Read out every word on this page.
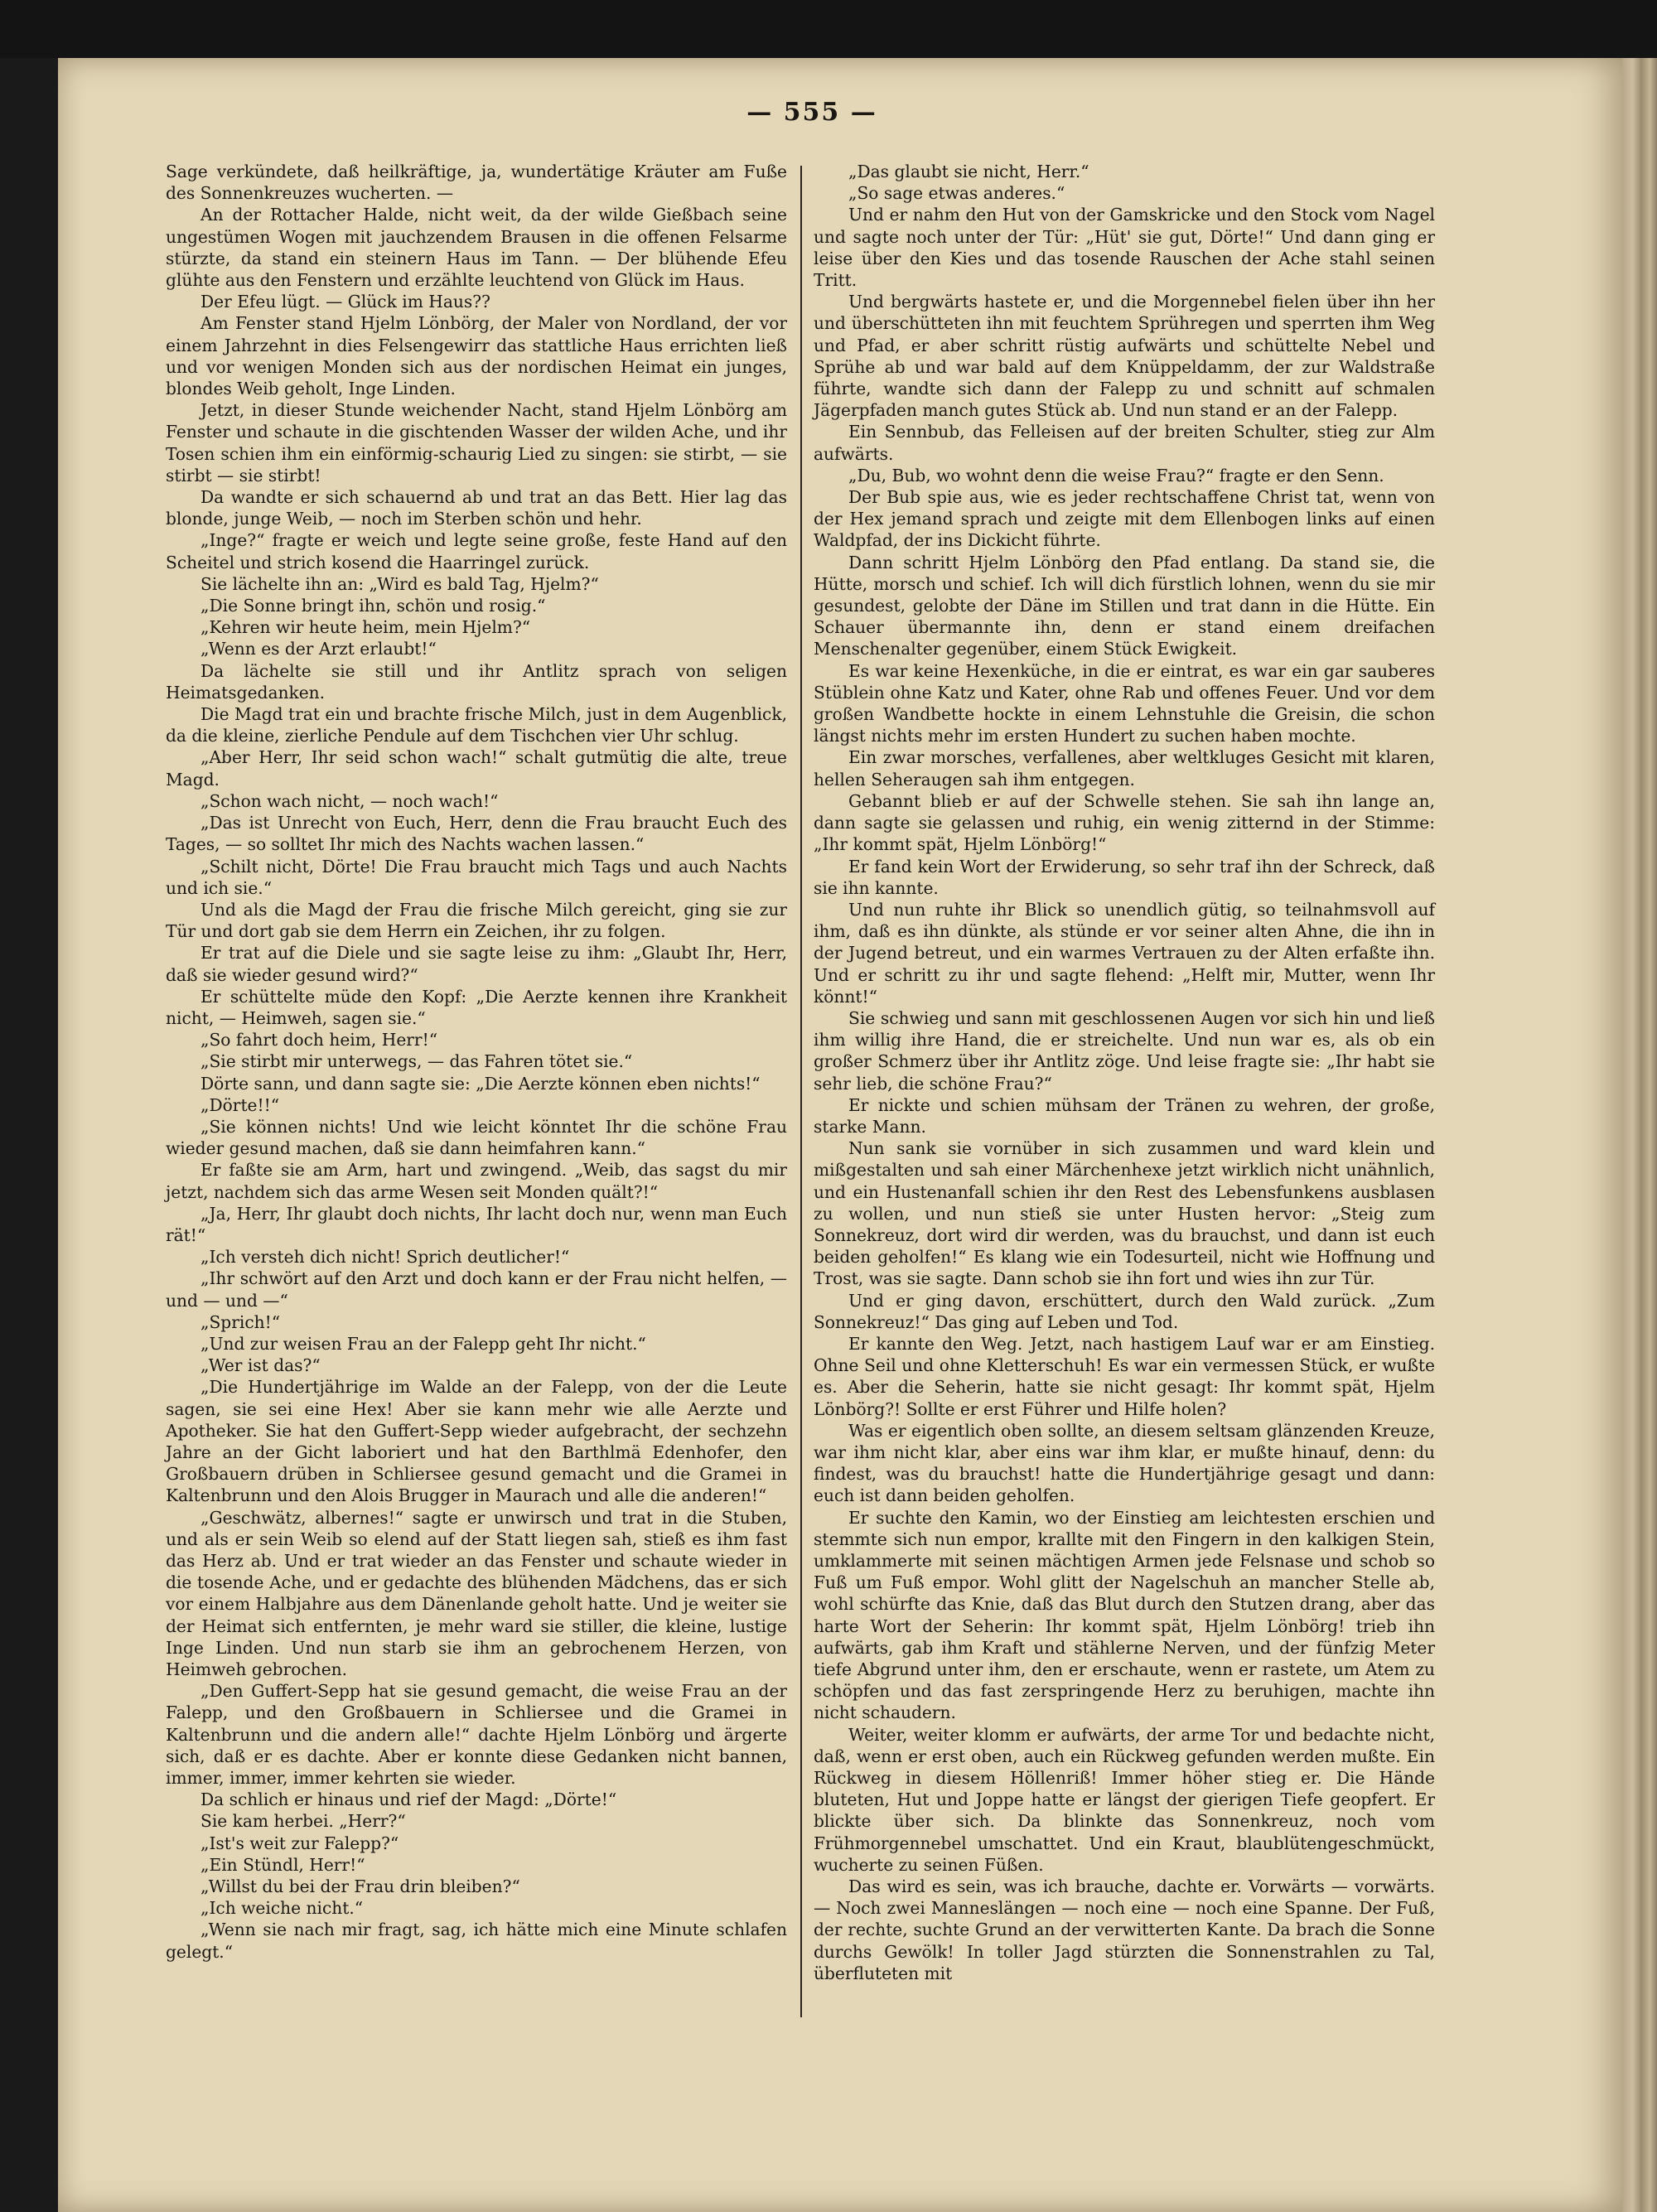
— 555 —

Sage verkündete, daß heilkräftige, ja, wundertätige Kräuter am Fuße des Sonnenkreuzes wucherten. —

An der Rottacher Halde, nicht weit, da der wilde Gießbach seine ungestümen Wogen mit jauchzendem Brausen in die offenen Felsarme stürzte, da stand ein steinern Haus im Tann. — Der blühende Efeu glühte aus den Fenstern und erzählte leuchtend von Glück im Haus.

Der Efeu lügt. — Glück im Haus??

Am Fenster stand Hjelm Lönbörg, der Maler von Nordland, der vor einem Jahrzehnt in dies Felsengewirr das stattliche Haus errichten ließ und vor wenigen Monden sich aus der nordischen Heimat ein junges, blondes Weib geholt, Inge Linden.

Jetzt, in dieser Stunde weichender Nacht, stand Hjelm Lönbörg am Fenster und schaute in die gischtenden Wasser der wilden Ache, und ihr Tosen schien ihm ein einförmig-schaurig Lied zu singen: sie stirbt, — sie stirbt — sie stirbt!

Da wandte er sich schauernd ab und trat an das Bett. Hier lag das blonde, junge Weib, — noch im Sterben schön und hehr.

„Inge?“ fragte er weich und legte seine große, feste Hand auf den Scheitel und strich kosend die Haarringel zurück.

Sie lächelte ihn an: „Wird es bald Tag, Hjelm?“

„Die Sonne bringt ihn, schön und rosig.“

„Kehren wir heute heim, mein Hjelm?“

„Wenn es der Arzt erlaubt!“

Da lächelte sie still und ihr Antlitz sprach von seligen Heimatsgedanken.

Die Magd trat ein und brachte frische Milch, just in dem Augenblick, da die kleine, zierliche Pendule auf dem Tischchen vier Uhr schlug.

„Aber Herr, Ihr seid schon wach!“ schalt gutmütig die alte, treue Magd.

„Schon wach nicht, — noch wach!“

„Das ist Unrecht von Euch, Herr, denn die Frau braucht Euch des Tages, — so solltet Ihr mich des Nachts wachen lassen.“

„Schilt nicht, Dörte! Die Frau braucht mich Tags und auch Nachts und ich sie.“

Und als die Magd der Frau die frische Milch gereicht, ging sie zur Tür und dort gab sie dem Herrn ein Zeichen, ihr zu folgen.

Er trat auf die Diele und sie sagte leise zu ihm: „Glaubt Ihr, Herr, daß sie wieder gesund wird?“

Er schüttelte müde den Kopf: „Die Aerzte kennen ihre Krankheit nicht, — Heimweh, sagen sie.“

„So fahrt doch heim, Herr!“

„Sie stirbt mir unterwegs, — das Fahren tötet sie.“

Dörte sann, und dann sagte sie: „Die Aerzte können eben nichts!“

„Dörte!!“

„Sie können nichts! Und wie leicht könntet Ihr die schöne Frau wieder gesund machen, daß sie dann heimfahren kann.“

Er faßte sie am Arm, hart und zwingend. „Weib, das sagst du mir jetzt, nachdem sich das arme Wesen seit Monden quält?!“

„Ja, Herr, Ihr glaubt doch nichts, Ihr lacht doch nur, wenn man Euch rät!“

„Ich versteh dich nicht! Sprich deutlicher!“

„Ihr schwört auf den Arzt und doch kann er der Frau nicht helfen, — und — und —“

„Sprich!“

„Und zur weisen Frau an der Falepp geht Ihr nicht.“

„Wer ist das?“

„Die Hundertjährige im Walde an der Falepp, von der die Leute sagen, sie sei eine Hex! Aber sie kann mehr wie alle Aerzte und Apotheker. Sie hat den Guffert-Sepp wieder aufgebracht, der sechzehn Jahre an der Gicht laboriert und hat den Barthlmä Edenhofer, den Großbauern drüben in Schliersee gesund gemacht und die Gramei in Kaltenbrunn und den Alois Brugger in Maurach und alle die anderen!“

„Geschwätz, albernes!“ sagte er unwirsch und trat in die Stuben, und als er sein Weib so elend auf der Statt liegen sah, stieß es ihm fast das Herz ab. Und er trat wieder an das Fenster und schaute wieder in die tosende Ache, und er gedachte des blühenden Mädchens, das er sich vor einem Halbjahre aus dem Dänenlande geholt hatte. Und je weiter sie der Heimat sich entfernten, je mehr ward sie stiller, die kleine, lustige Inge Linden. Und nun starb sie ihm an gebrochenem Herzen, von Heimweh gebrochen.

„Den Guffert-Sepp hat sie gesund gemacht, die weise Frau an der Falepp, und den Großbauern in Schliersee und die Gramei in Kaltenbrunn und die andern alle!“ dachte Hjelm Lönbörg und ärgerte sich, daß er es dachte. Aber er konnte diese Gedanken nicht bannen, immer, immer, immer kehrten sie wieder.

Da schlich er hinaus und rief der Magd: „Dörte!“

Sie kam herbei. „Herr?“

„Ist's weit zur Falepp?“

„Ein Stündl, Herr!“

„Willst du bei der Frau drin bleiben?“

„Ich weiche nicht.“

„Wenn sie nach mir fragt, sag, ich hätte mich eine Minute schlafen gelegt.“

„Das glaubt sie nicht, Herr.“

„So sage etwas anderes.“

Und er nahm den Hut von der Gamskricke und den Stock vom Nagel und sagte noch unter der Tür: „Hüt' sie gut, Dörte!“ Und dann ging er leise über den Kies und das tosende Rauschen der Ache stahl seinen Tritt.

Und bergwärts hastete er, und die Morgennebel fielen über ihn her und überschütteten ihn mit feuchtem Sprühregen und sperrten ihm Weg und Pfad, er aber schritt rüstig aufwärts und schüttelte Nebel und Sprühe ab und war bald auf dem Knüppeldamm, der zur Waldstraße führte, wandte sich dann der Falepp zu und schnitt auf schmalen Jägerpfaden manch gutes Stück ab. Und nun stand er an der Falepp.

Ein Sennbub, das Felleisen auf der breiten Schulter, stieg zur Alm aufwärts.

„Du, Bub, wo wohnt denn die weise Frau?“ fragte er den Senn.

Der Bub spie aus, wie es jeder rechtschaffene Christ tat, wenn von der Hex jemand sprach und zeigte mit dem Ellenbogen links auf einen Waldpfad, der ins Dickicht führte.

Dann schritt Hjelm Lönbörg den Pfad entlang. Da stand sie, die Hütte, morsch und schief. Ich will dich fürstlich lohnen, wenn du sie mir gesundest, gelobte der Däne im Stillen und trat dann in die Hütte. Ein Schauer übermannte ihn, denn er stand einem dreifachen Menschenalter gegenüber, einem Stück Ewigkeit.

Es war keine Hexenküche, in die er eintrat, es war ein gar sauberes Stüblein ohne Katz und Kater, ohne Rab und offenes Feuer. Und vor dem großen Wandbette hockte in einem Lehnstuhle die Greisin, die schon längst nichts mehr im ersten Hundert zu suchen haben mochte.

Ein zwar morsches, verfallenes, aber weltkluges Gesicht mit klaren, hellen Seheraugen sah ihm entgegen.

Gebannt blieb er auf der Schwelle stehen. Sie sah ihn lange an, dann sagte sie gelassen und ruhig, ein wenig zitternd in der Stimme: „Ihr kommt spät, Hjelm Lönbörg!“

Er fand kein Wort der Erwiderung, so sehr traf ihn der Schreck, daß sie ihn kannte.

Und nun ruhte ihr Blick so unendlich gütig, so teilnahmsvoll auf ihm, daß es ihn dünkte, als stünde er vor seiner alten Ahne, die ihn in der Jugend betreut, und ein warmes Vertrauen zu der Alten erfaßte ihn. Und er schritt zu ihr und sagte flehend: „Helft mir, Mutter, wenn Ihr könnt!“

Sie schwieg und sann mit geschlossenen Augen vor sich hin und ließ ihm willig ihre Hand, die er streichelte. Und nun war es, als ob ein großer Schmerz über ihr Antlitz zöge. Und leise fragte sie: „Ihr habt sie sehr lieb, die schöne Frau?“

Er nickte und schien mühsam der Tränen zu wehren, der große, starke Mann.

Nun sank sie vornüber in sich zusammen und ward klein und mißgestalten und sah einer Märchenhexe jetzt wirklich nicht unähnlich, und ein Hustenanfall schien ihr den Rest des Lebensfunkens ausblasen zu wollen, und nun stieß sie unter Husten hervor: „Steig zum Sonnekreuz, dort wird dir werden, was du brauchst, und dann ist euch beiden geholfen!“ Es klang wie ein Todesurteil, nicht wie Hoffnung und Trost, was sie sagte. Dann schob sie ihn fort und wies ihn zur Tür.

Und er ging davon, erschüttert, durch den Wald zurück. „Zum Sonnekreuz!“ Das ging auf Leben und Tod.

Er kannte den Weg. Jetzt, nach hastigem Lauf war er am Einstieg. Ohne Seil und ohne Kletterschuh! Es war ein vermessen Stück, er wußte es. Aber die Seherin, hatte sie nicht gesagt: Ihr kommt spät, Hjelm Lönbörg?! Sollte er erst Führer und Hilfe holen?

Was er eigentlich oben sollte, an diesem seltsam glänzenden Kreuze, war ihm nicht klar, aber eins war ihm klar, er mußte hinauf, denn: du findest, was du brauchst! hatte die Hundertjährige gesagt und dann: euch ist dann beiden geholfen.

Er suchte den Kamin, wo der Einstieg am leichtesten erschien und stemmte sich nun empor, krallte mit den Fingern in den kalkigen Stein, umklammerte mit seinen mächtigen Armen jede Felsnase und schob so Fuß um Fuß empor. Wohl glitt der Nagelschuh an mancher Stelle ab, wohl schürfte das Knie, daß das Blut durch den Stutzen drang, aber das harte Wort der Seherin: Ihr kommt spät, Hjelm Lönbörg! trieb ihn aufwärts, gab ihm Kraft und stählerne Nerven, und der fünfzig Meter tiefe Abgrund unter ihm, den er erschaute, wenn er rastete, um Atem zu schöpfen und das fast zerspringende Herz zu beruhigen, machte ihn nicht schaudern.

Weiter, weiter klomm er aufwärts, der arme Tor und bedachte nicht, daß, wenn er erst oben, auch ein Rückweg gefunden werden mußte. Ein Rückweg in diesem Höllenriß! Immer höher stieg er. Die Hände bluteten, Hut und Joppe hatte er längst der gierigen Tiefe geopfert. Er blickte über sich. Da blinkte das Sonnenkreuz, noch vom Frühmorgennebel umschattet. Und ein Kraut, blaublütengeschmückt, wucherte zu seinen Füßen.

Das wird es sein, was ich brauche, dachte er. Vorwärts — vorwärts. — Noch zwei Manneslängen — noch eine — noch eine Spanne. Der Fuß, der rechte, suchte Grund an der verwitterten Kante. Da brach die Sonne durchs Gewölk! In toller Jagd stürzten die Sonnenstrahlen zu Tal, überfluteten mit
